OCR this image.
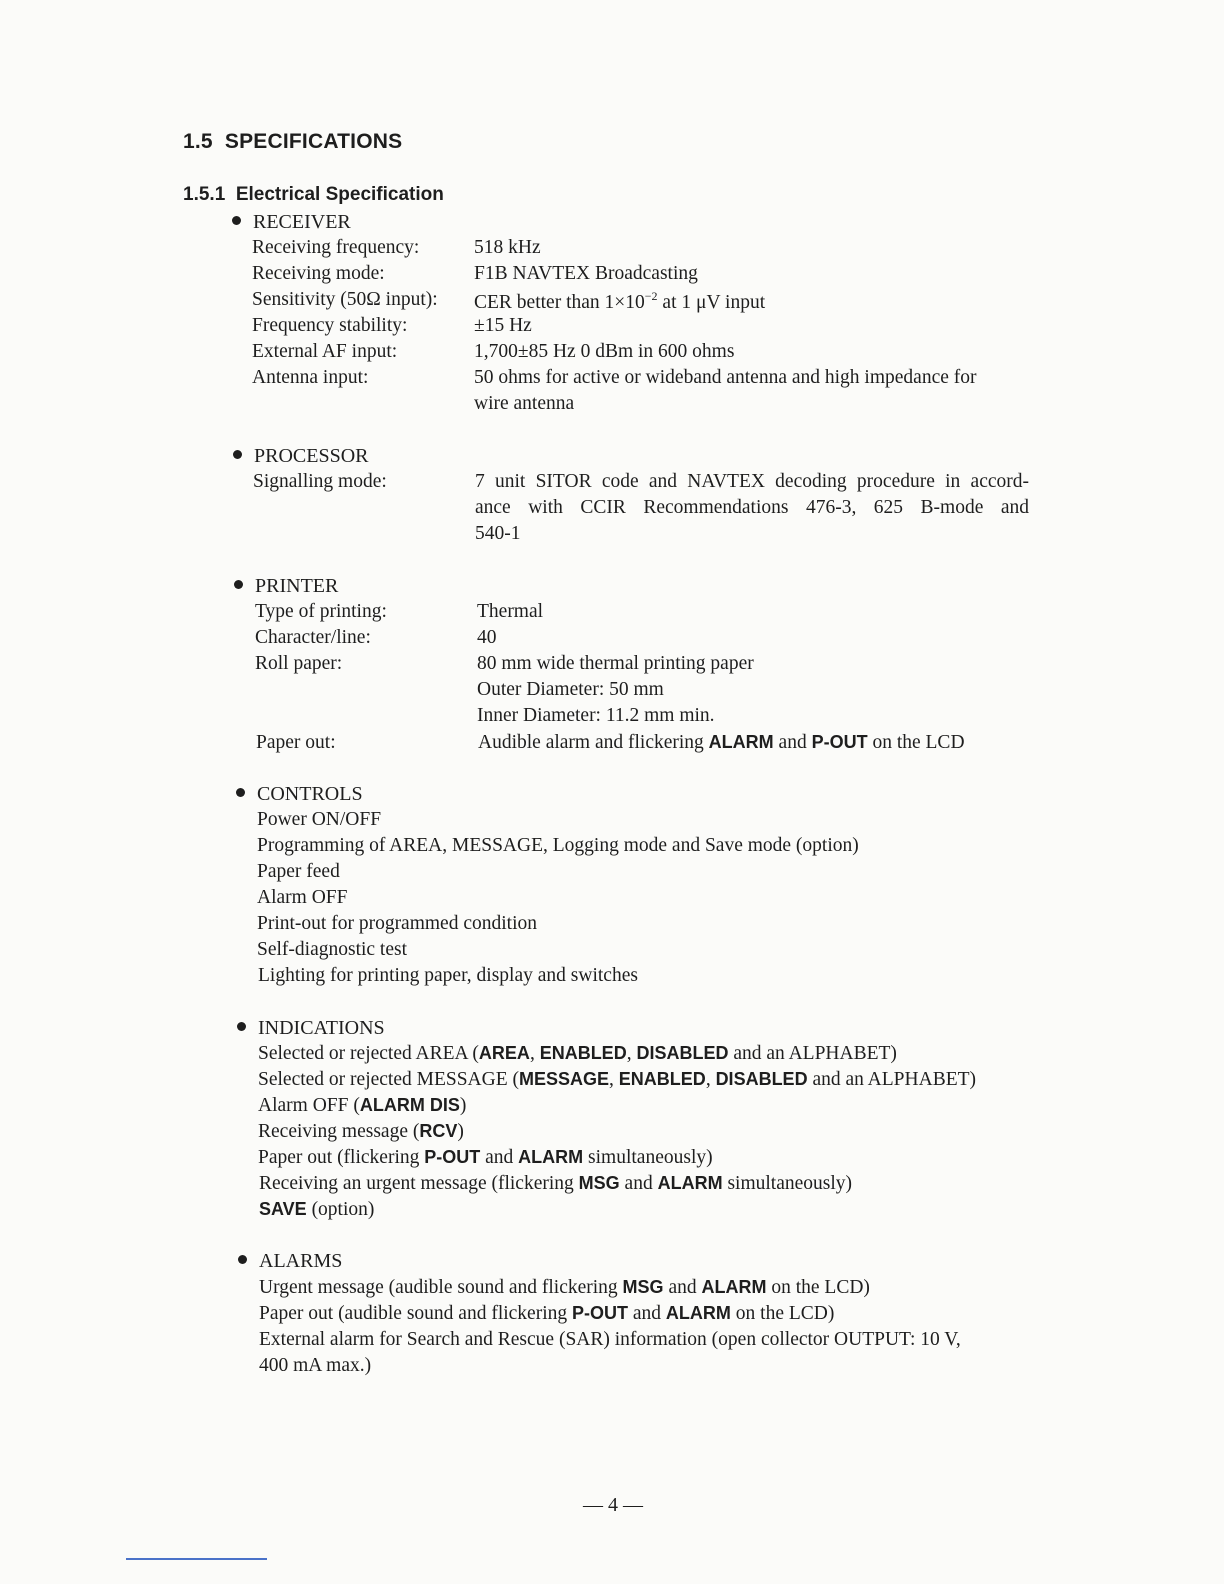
1.5 SPECIFICATIONS
1.5.1 Electrical Specification
RECEIVER
Receiving frequency:	518 kHz
Receiving mode:	F1B NAVTEX Broadcasting
Sensitivity (50Ω input): CER better than $1\times 10^{-2}$ at 1 μV input
Frequency stability:	±15 Hz
External AF input:	1,700±85 Hz 0 dBm in 600 ohms
Antenna input:	50 ohms for active or wideband antenna and high impedance for
wire antenna
PROCESSOR
Signalling mode:	7 unit SITOR code and NAVTEX decoding procedure in accord-
ance with CCIR Recommendations 476-3, 625 B-mode and
540-1
PRINTER
Type of printing:	Thermal
Character/line:	40
Roll paper:	80 mm wide thermal printing paper
Outer Diameter: 50 mm
Inner Diameter: 11.2 mm min.
Paper out:	Audible alarm and flickering ALARM and P-OUT on the LCD
CONTROLS
Power ON/OFF
Programming of AREA, MESSAGE, Logging mode and Save mode (option)
Paper feed
Alarm OFF
Print-out for programmed condition
Self-diagnostic test
Lighting for printing paper, display and switches
INDICATIONS
Selected or rejected AREA (AREA, ENABLED, DISABLED and an ALPHABET)
Selected or rejected MESSAGE (MESSAGE, ENABLED, DISABLED and an ALPHABET)
Alarm OFF (ALARM DIS)
Receiving message (RCV)
Paper out (flickering P-OUT and ALARM simultaneously)
Receiving an urgent message (flickering MSG and ALARM simultaneously)
SAVE (option)
ALARMS
Urgent message (audible sound and flickering MSG and ALARM on the LCD)
Paper out (audible sound and flickering P-OUT and ALARM on the LCD)
External alarm for Search and Rescue (SAR) information (open collector OUTPUT: 10 V,
400 mA max.)
— 4 —
